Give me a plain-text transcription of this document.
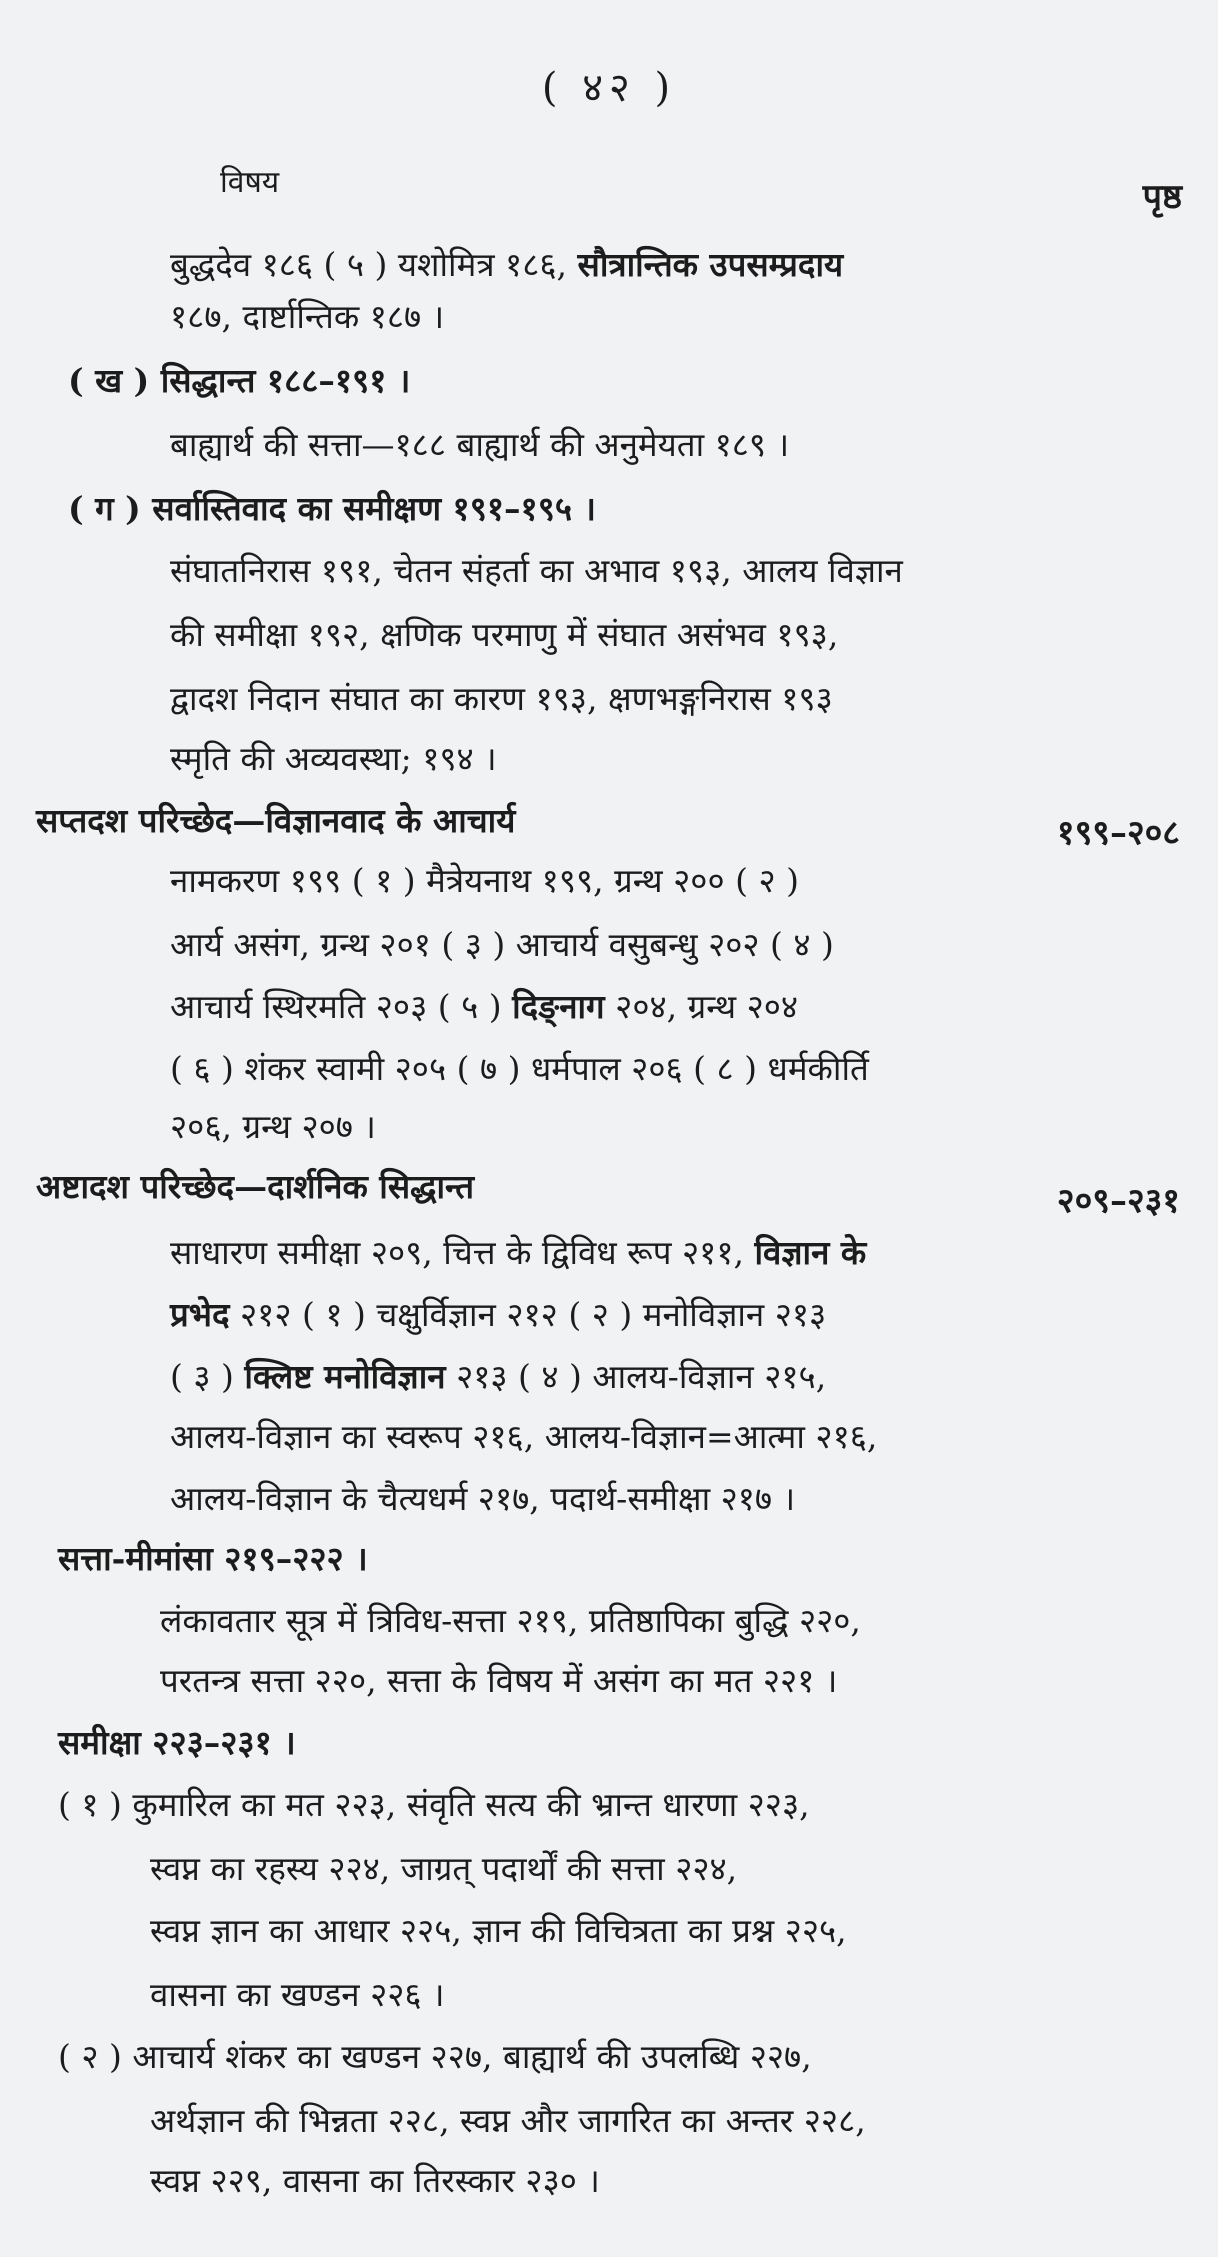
( ४२ )
विषय	पृष्ठ
बुद्धदेव १८६ ( ५ ) यशोमित्र १८६, सौत्रान्तिक उपसम्प्रदाय
१८७, दार्ष्टान्तिक १८७ ।
( ख ) सिद्धान्त १८८–१९१ ।
बाह्यार्थ की सत्ता—१८८ बाह्यार्थ की अनुमेयता १८९ ।
( ग ) सर्वास्तिवाद का समीक्षण १९१–१९५ ।
संघातनिरास १९१, चेतन संहर्ता का अभाव १९३, आलय विज्ञान
की समीक्षा १९२, क्षणिक परमाणु में संघात असंभव १९३,
द्वादश निदान संघात का कारण १९३, क्षणभङ्गनिरास १९३
स्मृति की अव्यवस्था; १९४ ।
सप्तदश परिच्छेद—विज्ञानवाद के आचार्य	१९९–२०८
नामकरण १९९ ( १ ) मैत्रेयनाथ १९९, ग्रन्थ २०० ( २ )
आर्य असंग, ग्रन्थ २०१ ( ३ ) आचार्य वसुबन्धु २०२ ( ४ )
आचार्य स्थिरमति २०३ ( ५ ) दिङ्नाग २०४, ग्रन्थ २०४
( ६ ) शंकर स्वामी २०५ ( ७ ) धर्मपाल २०६ ( ८ ) धर्मकीर्ति
२०६, ग्रन्थ २०७ ।
अष्टादश परिच्छेद—दार्शनिक सिद्धान्त	२०९–२३१
साधारण समीक्षा २०९, चित्त के द्विविध रूप २११, विज्ञान के
प्रभेद २१२ ( १ ) चक्षुर्विज्ञान २१२ ( २ ) मनोविज्ञान २१३
( ३ ) क्लिष्ट मनोविज्ञान २१३ ( ४ ) आलय-विज्ञान २१५,
आलय-विज्ञान का स्वरूप २१६, आलय-विज्ञान=आत्मा २१६,
आलय-विज्ञान के चैत्यधर्म २१७, पदार्थ-समीक्षा २१७ ।
सत्ता-मीमांसा २१९–२२२ ।
लंकावतार सूत्र में त्रिविध-सत्ता २१९, प्रतिष्ठापिका बुद्धि २२०,
परतन्त्र सत्ता २२०, सत्ता के विषय में असंग का मत २२१ ।
समीक्षा २२३–२३१ ।
( १ ) कुमारिल का मत २२३, संवृति सत्य की भ्रान्त धारणा २२३,
स्वप्न का रहस्य २२४, जाग्रत् पदार्थों की सत्ता २२४,
स्वप्न ज्ञान का आधार २२५, ज्ञान की विचित्रता का प्रश्न २२५,
वासना का खण्डन २२६ ।
( २ ) आचार्य शंकर का खण्डन २२७, बाह्यार्थ की उपलब्धि २२७,
अर्थज्ञान की भिन्नता २२८, स्वप्न और जागरित का अन्तर २२८,
स्वप्न २२९, वासना का तिरस्कार २३० ।
